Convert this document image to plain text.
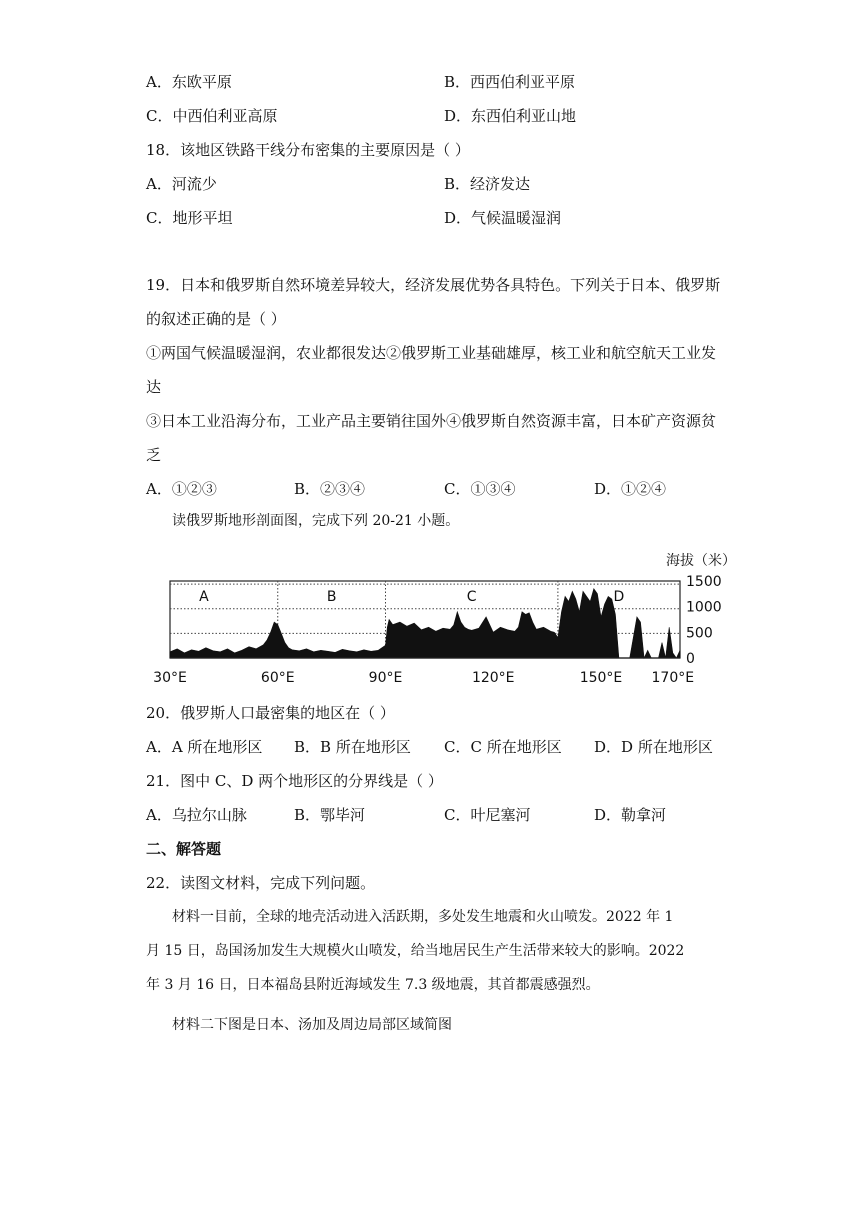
A．东欧平原	B．西西伯利亚平原
C．中西伯利亚高原	D．东西伯利亚山地
18．该地区铁路干线分布密集的主要原因是（ ）
A．河流少	B．经济发达
C．地形平坦	D．气候温暖湿润
19．日本和俄罗斯自然环境差异较大，经济发展优势各具特色。下列关于日本、俄罗斯
的叙述正确的是（ ）
①两国气候温暖湿润，农业都很发达②俄罗斯工业基础雄厚，核工业和航空航天工业发
达
③日本工业沿海分布，工业产品主要销往国外④俄罗斯自然资源丰富，日本矿产资源贫
乏
A．①②③	B．②③④	C．①③④	D．①②④
读俄罗斯地形剖面图，完成下列 20-21 小题。
A	B	C	D
1500
1000
500
0
海拔（米）
30°E	60°E	90°E	120°E	150°E 170°E
20．俄罗斯人口最密集的地区在（ ）
A．A 所在地形区 B．B 所在地形区 C．C 所在地形区 D．D 所在地形区
21．图中 C、D 两个地形区的分界线是（ ）
A．乌拉尔山脉	B．鄂毕河	C．叶尼塞河	D．勒拿河
二、解答题
22．读图文材料，完成下列问题。
材料一目前，全球的地壳活动进入活跃期，多处发生地震和火山喷发。2022 年 1
月 15 日，岛国汤加发生大规模火山喷发，给当地居民生产生活带来较大的影响。2022
年 3 月 16 日，日本福岛县附近海域发生 7.3 级地震，其首都震感强烈。
材料二下图是日本、汤加及周边局部区域简图
